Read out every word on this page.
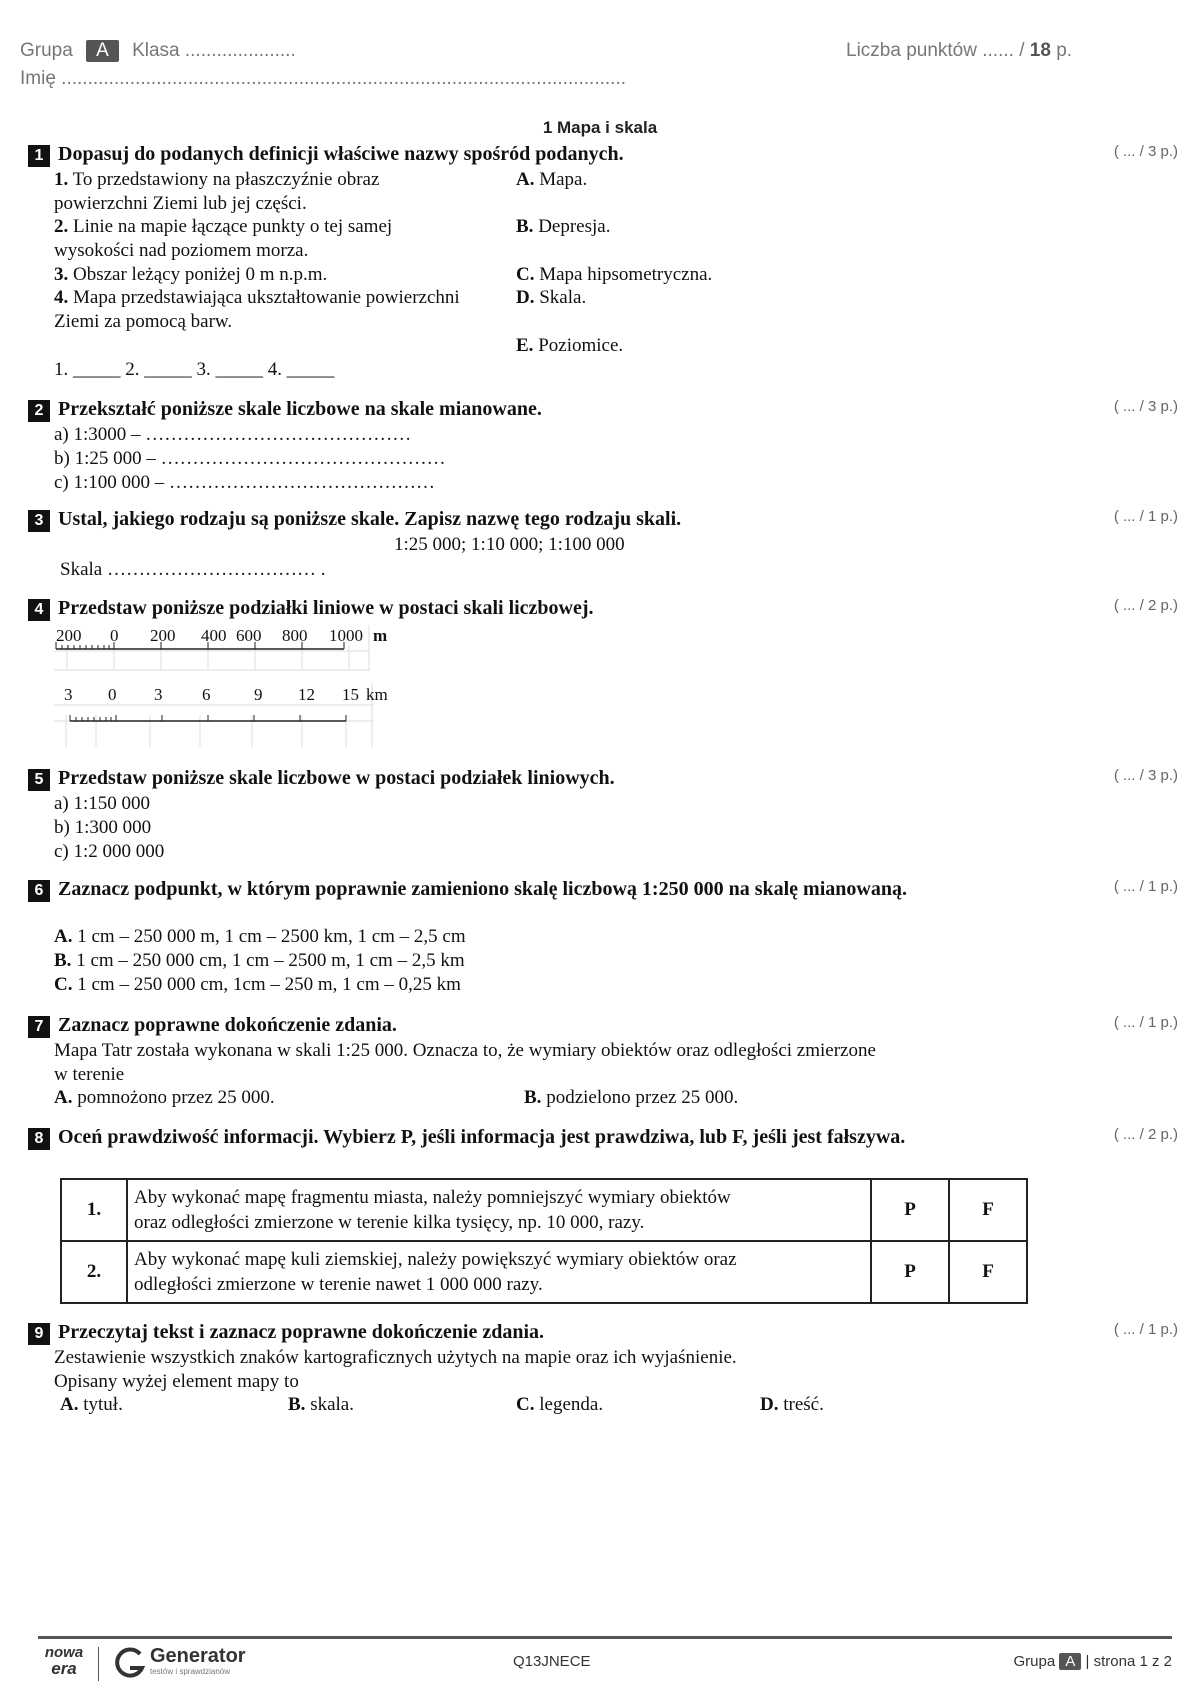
Grupa A Klasa .....................
Imię ...........................................................................................................
Liczba punktów ...... / 18 p.
1 Mapa i skala
1 Dopasuj do podanych definicji właściwe nazwy spośród podanych.	( ... / 3 p.)
1. To przedstawiony na płaszczyźnie obraz
powierzchni Ziemi lub jej części.
2. Linie na mapie łączące punkty o tej samej
wysokości nad poziomem morza.
3. Obszar leżący poniżej 0 m n.p.m.
4. Mapa przedstawiająca ukształtowanie powierzchni
Ziemi za pomocą barw.
A. Mapa.
B. Depresja.
C. Mapa hipsometryczna.
D. Skala.
E. Poziomice.
1. _____ 2. _____ 3. _____ 4. _____
2 Przekształć poniższe skale liczbowe na skale mianowane.	( ... / 3 p.)
a) 1:3000 – ……………………………………
b) 1:25 000 – ………………………………………
c) 1:100 000 – ……………………………………
3 Ustal, jakiego rodzaju są poniższe skale. Zapisz nazwę tego rodzaju skali.	( ... / 1 p.)
1:25 000; 1:10 000; 1:100 000
Skala …………………………… .
4 Przedstaw poniższe podziałki liniowe w postaci skali liczbowej.	( ... / 2 p.)
200 0 200 400 600 800 1000 m
3 0 3 6	9 12 15 km
5 Przedstaw poniższe skale liczbowe w postaci podziałek liniowych.	( ... / 3 p.)
a) 1:150 000
b) 1:300 000
c) 1:2 000 000
6 Zaznacz podpunkt, w którym poprawnie zamieniono skalę liczbową 1:250 000 na skalę mianowaną.	( ... / 1 p.)
A. 1 cm – 250 000 m, 1 cm – 2500 km, 1 cm – 2,5 cm
B. 1 cm – 250 000 cm, 1 cm – 2500 m, 1 cm – 2,5 km
C. 1 cm – 250 000 cm, 1cm – 250 m, 1 cm – 0,25 km
7 Zaznacz poprawne dokończenie zdania.	( ... / 1 p.)
Mapa Tatr została wykonana w skali 1:25 000. Oznacza to, że wymiary obiektów oraz odległości zmierzone
w terenie
A. pomnożono przez 25 000.	B. podzielono przez 25 000.
8 Oceń prawdziwość informacji. Wybierz P, jeśli informacja jest prawdziwa, lub F, jeśli jest fałszywa.	( ... / 2 p.)
1.	Aby wykonać mapę fragmentu miasta, należy pomniejszyć wymiary obiektów
oraz odległości zmierzone w terenie kilka tysięcy, np. 10 000, razy.	P	F
2.	Aby wykonać mapę kuli ziemskiej, należy powiększyć wymiary obiektów oraz
odległości zmierzone w terenie nawet 1 000 000 razy.	P	F
9 Przeczytaj tekst i zaznacz poprawne dokończenie zdania.	( ... / 1 p.)
Zestawienie wszystkich znaków kartograficznych użytych na mapie oraz ich wyjaśnienie.
Opisany wyżej element mapy to
A. tytuł.	B. skala.	C. legenda.	D. treść.
nowa
era
Generator
testów i sprawdzianów
Q13JNECE	Grupa A | strona 1 z 2
